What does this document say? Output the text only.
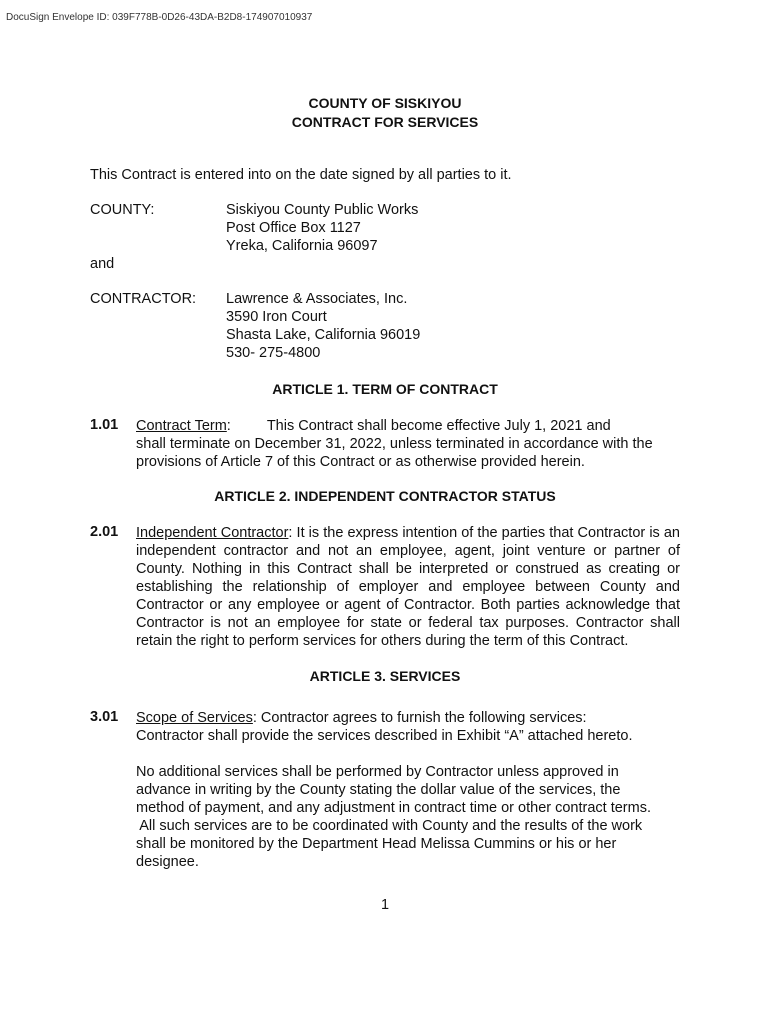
DocuSign Envelope ID: 039F778B-0D26-43DA-B2D8-174907010937
COUNTY OF SISKIYOU
CONTRACT FOR SERVICES
This Contract is entered into on the date signed by all parties to it.
COUNTY:	Siskiyou County Public Works
Post Office Box 1127
Yreka, California 96097
and
CONTRACTOR: Lawrence & Associates, Inc.
3590 Iron Court
Shasta Lake, California 96019
530- 275-4800
ARTICLE 1. TERM OF CONTRACT
1.01 Contract Term: This Contract shall become effective July 1, 2021 and
shall terminate on December 31, 2022, unless terminated in accordance with the
provisions of Article 7 of this Contract or as otherwise provided herein.
ARTICLE 2. INDEPENDENT CONTRACTOR STATUS
2.01 Independent Contractor: It is the express intention of the parties that Contractor is an independent contractor and not an employee, agent, joint venture or partner of County. Nothing in this Contract shall be interpreted or construed as creating or establishing the relationship of employer and employee between County and Contractor or any employee or agent of Contractor. Both parties acknowledge that Contractor is not an employee for state or federal tax purposes. Contractor shall retain the right to perform services for others during the term of this Contract.
ARTICLE 3. SERVICES
3.01 Scope of Services: Contractor agrees to furnish the following services:
Contractor shall provide the services described in Exhibit “A” attached hereto.
No additional services shall be performed by Contractor unless approved in
advance in writing by the County stating the dollar value of the services, the
method of payment, and any adjustment in contract time or other contract terms.
All such services are to be coordinated with County and the results of the work
shall be monitored by the Department Head Melissa Cummins or his or her
designee.
1
